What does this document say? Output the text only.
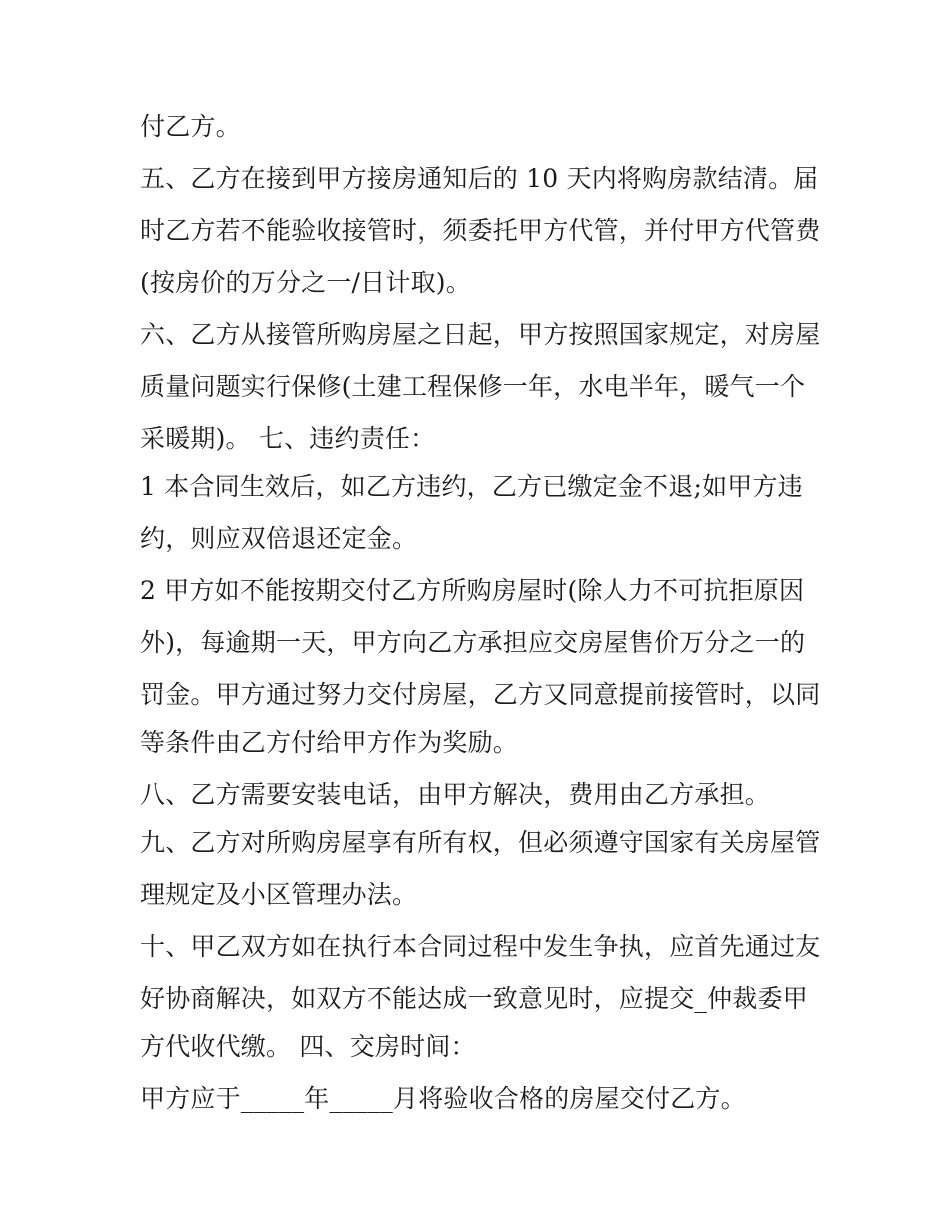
付乙方。

五、乙方在接到甲方接房通知后的 10 天内将购房款结清。届

时乙方若不能验收接管时，须委托甲方代管，并付甲方代管费

(按房价的万分之一/日计取)。

六、乙方从接管所购房屋之日起，甲方按照国家规定，对房屋

质量问题实行保修(土建工程保修一年，水电半年，暖气一个

采暖期)。 七、违约责任：

1 本合同生效后，如乙方违约，乙方已缴定金不退;如甲方违

约，则应双倍退还定金。

2 甲方如不能按期交付乙方所购房屋时(除人力不可抗拒原因

外)，每逾期一天，甲方向乙方承担应交房屋售价万分之一的

罚金。甲方通过努力交付房屋，乙方又同意提前接管时，以同

等条件由乙方付给甲方作为奖励。

八、乙方需要安装电话，由甲方解决，费用由乙方承担。

九、乙方对所购房屋享有所有权，但必须遵守国家有关房屋管

理规定及小区管理办法。

十、甲乙双方如在执行本合同过程中发生争执，应首先通过友

好协商解决，如双方不能达成一致意见时，应提交_仲裁委甲

方代收代缴。 四、交房时间：

甲方应于_____年_____月将验收合格的房屋交付乙方。
